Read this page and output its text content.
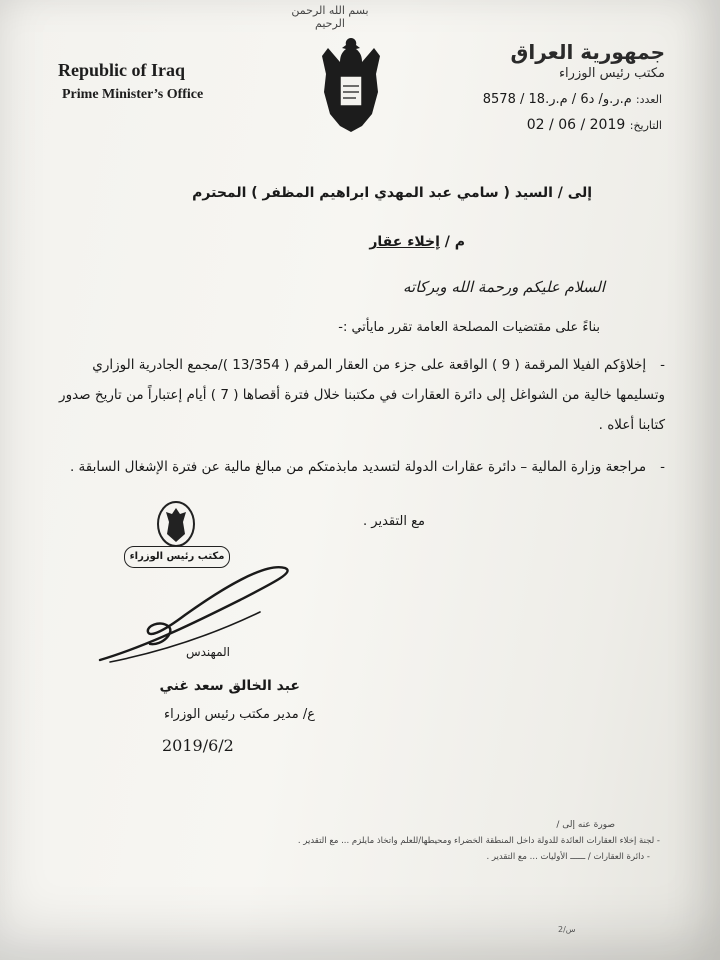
بسم الله الرحمن الرحيم
Republic of Iraq
Prime Minister’s Office
جمهورية العراق
مكتب رئيس الوزراء
العدد: م.ر.و/ د6 / م.ر.18 / 8578
التاريخ: 2019 / 06 / 02
إلى / السيد ( سامي عبد المهدي ابراهيم المظفر ) المحترم
م / إخلاء عقار
السلام عليكم ورحمة الله وبركاته
بناءً على مقتضيات المصلحة العامة تقرر مايأتي :-
-إخلاؤكم الفيلا المرقمة ( 9 ) الواقعة على جزء من العقار المرقم ( 13/354 )/مجمع الجادرية الوزاري وتسليمها خالية من الشواغل إلى دائرة العقارات في مكتبنا خلال فترة أقصاها ( 7 ) أيام إعتباراً من تاريخ صدور كتابنا أعلاه .
-مراجعة وزارة المالية – دائرة عقارات الدولة لتسديد مابذمتكم من مبالغ مالية عن فترة الإشغال السابقة .
مع التقدير .
مكتب رئيس الوزراء
المهندس
عبد الخالق سعد غني
ع/ مدير مكتب رئيس الوزراء
2019/6/2
صورة عنه إلى /
- لجنة إخلاء العقارات العائدة للدولة داخل المنطقة الخضراء ومحيطها/للعلم واتخاذ مايلزم ... مع التقدير .
- دائرة العقارات / ــــــ الأوليات ... مع التقدير .
س/2
